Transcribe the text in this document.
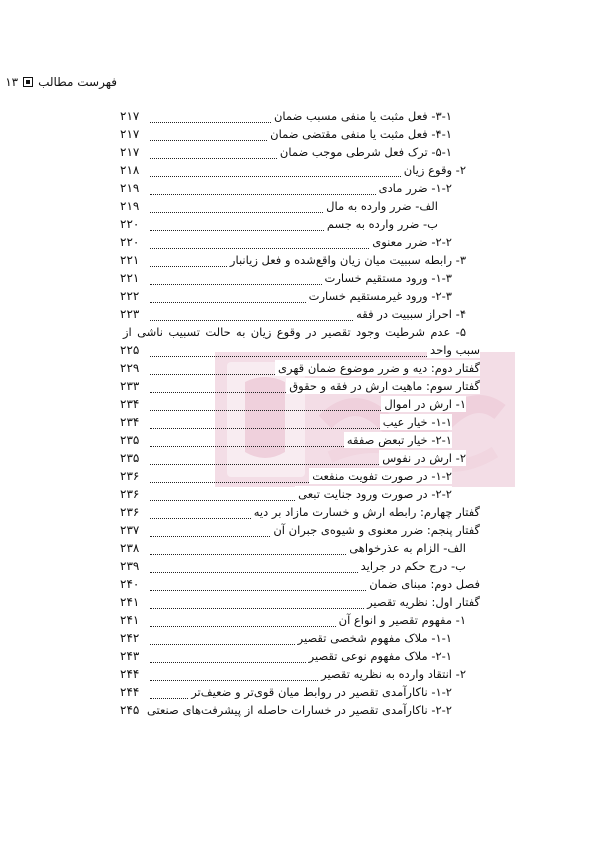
فهرست مطالب
۱۳
۳-۱- فعل مثبت یا منفی مسبب ضمان
۲۱۷
۴-۱- فعل مثبت یا منفی مقتضی ضمان
۲۱۷
۵-۱- ترک فعل شرطی موجب ضمان
۲۱۷
۲- وقوع زیان
۲۱۸
۱-۲- ضرر مادی
۲۱۹
الف- ضرر وارده به مال
۲۱۹
ب- ضرر وارده به جسم
۲۲۰
۲-۲- ضرر معنوی
۲۲۰
۳- رابطه سببیت میان زیان واقع‌شده و فعل زیانبار
۲۲۱
۱-۳- ورود مستقیم خسارت
۲۲۱
۲-۳- ورود غیرمستقیم خسارت
۲۲۲
۴- احراز سببیت در فقه
۲۲۳
۵- عدم شرطیت وجود تقصیر در وقوع زیان به حالت تسبیب ناشی از
سبب واحد
۲۲۵
گفتار دوم: دیه و ضرر موضوع ضمان قهری
۲۲۹
گفتار سوم: ماهیت ارش در فقه و حقوق
۲۳۳
۱- ارش در اموال
۲۳۴
۱-۱- خیار عیب
۲۳۴
۲-۱- خیار تبعض صفقه
۲۳۵
۲- ارش در نفوس
۲۳۵
۱-۲- در صورت تفویت منفعت
۲۳۶
۲-۲- در صورت ورود جنایت تبعی
۲۳۶
گفتار چهارم: رابطه ارش و خسارت مازاد بر دیه
۲۳۶
گفتار پنجم: ضرر معنوی و شیوه‌ی جبران آن
۲۳۷
الف- الزام به عذرخواهی
۲۳۸
ب- درج حکم در جراید
۲۳۹
فصل دوم: مبنای ضمان
۲۴۰
گفتار اول: نظریه تقصیر
۲۴۱
۱- مفهوم تقصیر و انواع آن
۲۴۱
۱-۱- ملاک مفهوم شخصی تقصیر
۲۴۲
۲-۱- ملاک مفهوم نوعی تقصیر
۲۴۳
۲- انتقاد وارده به نظریه تقصیر
۲۴۴
۱-۲- ناکارآمدی تقصیر در روابط میان قوی‌تر و ضعیف‌تر
۲۴۴
۲-۲- ناکارآمدی تقصیر در خسارات حاصله از پیشرفت‌های صنعتی
۲۴۵
